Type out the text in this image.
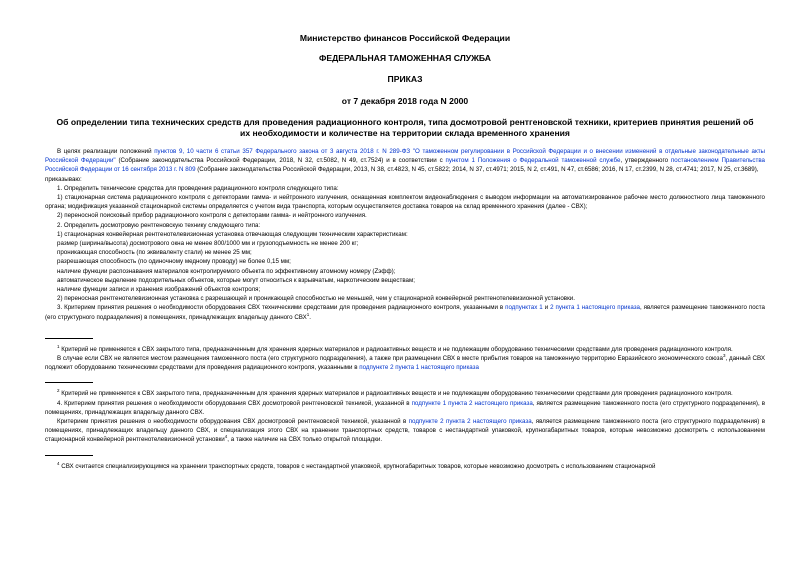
Министерство финансов Российской Федерации
ФЕДЕРАЛЬНАЯ ТАМОЖЕННАЯ СЛУЖБА
ПРИКАЗ
от 7 декабря 2018 года N 2000
Об определении типа технических средств для проведения радиационного контроля, типа досмотровой рентгеновской техники, критериев принятия решений об их необходимости и количестве на территории склада временного хранения

В целях реализации положений пунктов 9, 10 части 6 статьи 357 Федерального закона от 3 августа 2018 г. N 289-ФЗ "О таможенном регулировании в Российской Федерации и о внесении изменений в отдельные законодательные акты Российской Федерации" (Собрание законодательства Российской Федерации, 2018, N 32, ст.5082, N 49, ст.7524) и в соответствии с пунктом 1 Положения о Федеральной таможенной службе, утвержденного постановлением Правительства Российской Федерации от 16 сентября 2013 г. N 809 (Собрание законодательства Российской Федерации, 2013, N 38, ст.4823, N 45, ст.5822; 2014, N 37, ст.4971; 2015, N 2, ст.491, N 47, ст.6586; 2016, N 17, ст.2399, N 28, ст.4741; 2017, N 25, ст.3689),

приказываю:

1. Определить технические средства для проведения радиационного контроля следующего типа:

1) стационарная система радиационного контроля с детекторами гамма- и нейтронного излучения, оснащенная комплектом видеонаблюдения с выводом информации на автоматизированное рабочее место должностного лица таможенного органа; модификация указанной стационарной системы определяется с учетом вида транспорта, которым осуществляется доставка товаров на склад временного хранения (далее - СВХ);

2) переносной поисковый прибор радиационного контроля с детекторами гамма- и нейтронного излучения.

2. Определить досмотровую рентгеновскую технику следующего типа:

1) стационарная конвейерная рентгенотелевизионная установка отвечающая следующим техническим характеристикам:

размер (ширина/высота) досмотрового окна не менее 800/1000 мм и грузоподъемность не менее 200 кг;

проникающая способность (по эквиваленту стали) не менее 25 мм;

разрешающая способность (по одиночному медному проводу) не более 0,15 мм;

наличие функции распознавания материалов контролируемого объекта по эффективному атомному номеру (Zэфф);

автоматическое выделение подозрительных объектов, которые могут относиться к взрывчатым, наркотическим веществам;

наличие функции записи и хранения изображений объектов контроля;

2) переносная рентгенотелевизионная установка с разрешающей и проникающей способностью не меньшей, чем у стационарной конвейерной рентгенотелевизионной установки.

3. Критерием принятия решения о необходимости оборудования СВХ техническими средствами для проведения радиационного контроля, указанными в подпунктах 1 и 2 пункта 1 настоящего приказа, является размещение таможенного поста (его структурного подразделения) в помещениях, принадлежащих владельцу данного СВХ$^1$.

$^1$ Критерий не применяется к СВХ закрытого типа, предназначенным для хранения ядерных материалов и радиоактивных веществ и не подлежащим оборудованию техническими средствами для проведения радиационного контроля.

В случае если СВХ не является местом размещения таможенного поста (его структурного подразделения), а также при размещении СВХ в месте прибытия товаров на таможенную территорию Евразийского экономического союза$^3$, данный СВХ подлежит оборудованию техническими средствами для проведения радиационного контроля, указанными в подпункте 2 пункта 1 настоящего приказа

$^2$ Критерий не применяется к СВХ закрытого типа, предназначенным для хранения ядерных материалов и радиоактивных веществ и не подлежащим оборудованию техническими средствами для проведения радиационного контроля.

4. Критерием принятия решения о необходимости оборудования СВХ досмотровой рентгеновской техникой, указанной в подпункте 1 пункта 2 настоящего приказа, является размещение таможенного поста (его структурного подразделения), в помещениях, принадлежащих владельцу данного СВХ.

Критерием принятия решения о необходимости оборудования СВХ досмотровой рентгеновской техникой, указанной в подпункте 2 пункта 2 настоящего приказа, является размещение таможенного поста (его структурного подразделения) в помещениях, принадлежащих владельцу данного СВХ, и специализация этого СВХ на хранении транспортных средств, товаров с нестандартной упаковкой, крупногабаритных товаров, которые невозможно досмотреть с использованием стационарной конвейерной рентгенотелевизионной установки$^4$, а также наличие на СВХ только открытой площадки.

$^4$ СВХ считается специализирующимся на хранении транспортных средств, товаров с нестандартной упаковкой, крупногабаритных товаров, которые невозможно досмотреть с использованием стационарной
